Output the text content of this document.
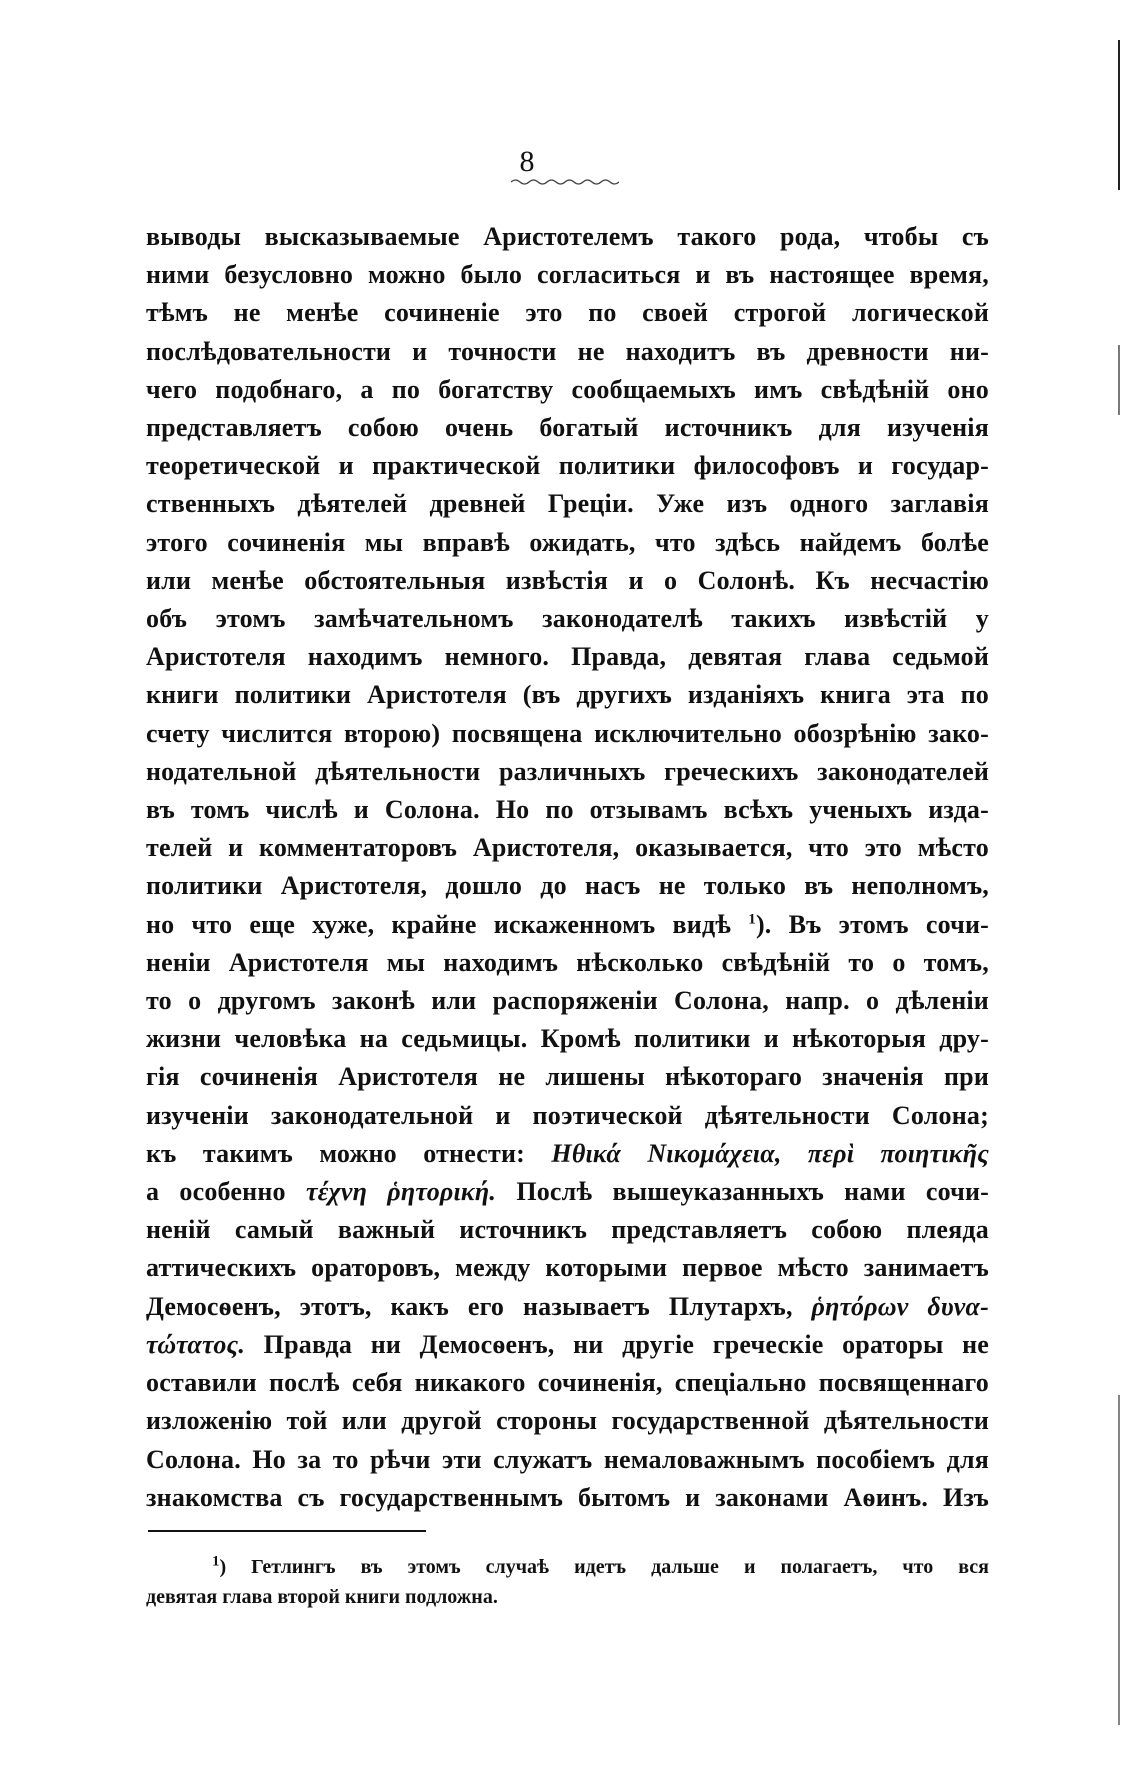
8
выводы высказываемые Аристотелемъ такого рода, чтобы съ
ними безусловно можно было согласиться и въ настоящее время,
тѣмъ не менѣе сочиненіе это по своей строгой логической
послѣдовательности и точности не находитъ въ древности ни-
чего подобнаго, а по богатству сообщаемыхъ имъ свѣдѣній оно
представляетъ собою очень богатый источникъ для изученія
теоретической и практической политики философовъ и государ-
ственныхъ дѣятелей древней Греціи. Уже изъ одного заглавія
этого сочиненія мы вправѣ ожидать, что здѣсь найдемъ болѣе
или менѣе обстоятельныя извѣстія и о Солонѣ. Къ несчастію
объ этомъ замѣчательномъ законодателѣ такихъ извѣстій у
Аристотеля находимъ немного. Правда, девятая глава седьмой
книги политики Аристотеля (въ другихъ изданіяхъ книга эта по
счету числится второю) посвящена исключительно обозрѣнію зако-
нодательной дѣятельности различныхъ греческихъ законодателей
въ томъ числѣ и Солона. Но по отзывамъ всѣхъ ученыхъ изда-
телей и комментаторовъ Аристотеля, оказывается, что это мѣсто
политики Аристотеля, дошло до насъ не только въ неполномъ,
но что еще хуже, крайне искаженномъ видѣ $^1$). Въ этомъ сочи-
ненiи Аристотеля мы находимъ нѣсколько свѣдѣній то о томъ,
то о другомъ законѣ или распоряженіи Солона, напр. о дѣленіи
жизни человѣка на седьмицы. Кромѣ политики и нѣкоторыя дру-
гія сочиненія Аристотеля не лишены нѣкотораго значенія при
изученіи законодательной и поэтической дѣятельности Солона;
къ такимъ можно отнести: Ηθικά Νικομάχεια, περὶ ποιητικῆς
а особенно τέχνη ῥητορική. Послѣ вышеуказанныхъ нами сочи-
неній самый важный источникъ представляетъ собою плеяда
аттическихъ ораторовъ, между которыми первое мѣсто занимаетъ
Демосѳенъ, этотъ, какъ его называетъ Плутархъ, ῥητόρων δυνα-
τώτατος. Правда ни Демосѳенъ, ни другіе греческіе ораторы не
оставили послѣ себя никакого сочиненія, спеціально посвященнаго
изложенію той или другой стороны государственной дѣятельности
Солона. Но за то рѣчи эти служатъ немаловажнымъ пособіемъ для
знакомства съ государственнымъ бытомъ и законами Аѳинъ. Изъ
$^1$) Гетлингъ въ этомъ случаѣ идетъ дальше и полагаетъ, что вся
девятая глава второй книги подложна.
